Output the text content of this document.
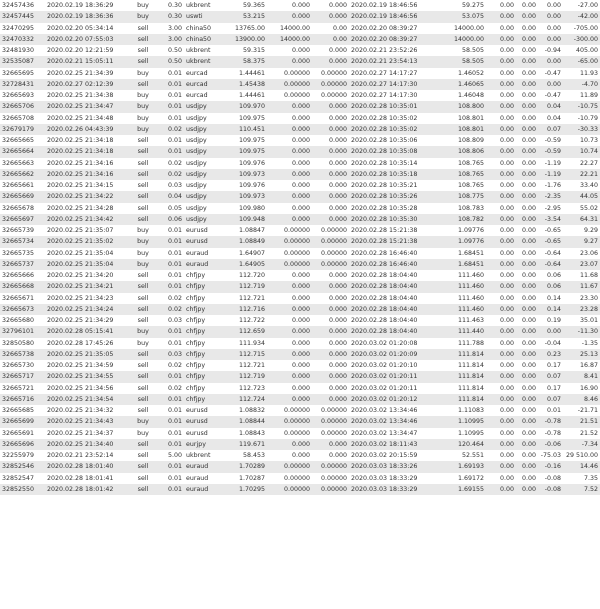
32457436	2020.02.19 18:36:29	buy	0.30	ukbrent	59.365	0.000	0.000	2020.02.19 18:46:56	59.275	0.00	0.00	0.00	-27.00
32457445	2020.02.19 18:36:36	buy	0.30	uswti	53.215	0.000	0.000	2020.02.19 18:46:56	53.075	0.00	0.00	0.00	-42.00
32470295	2020.02.20 05:34:14	sell	3.00	china50	13765.00	14000.00	0.00	2020.02.20 08:39:27	14000.00	0.00	0.00	0.00	-705.00
32470332	2020.02.20 07:55:03	sell	3.00	china50	13900.00	14000.00	0.00	2020.02.20 08:39:27	14000.00	0.00	0.00	0.00	-300.00
32481930	2020.02.20 12:21:59	sell	0.50	ukbrent	59.315	0.000	0.000	2020.02.21 23:52:26	58.505	0.00	0.00	-0.94	405.00
32535087	2020.02.21 15:05:11	sell	0.50	ukbrent	58.375	0.000	0.000	2020.02.21 23:54:13	58.505	0.00	0.00	0.00	-65.00
32665695	2020.02.25 21:34:39	buy	0.01	eurcad	1.44461	0.00000	0.00000	2020.02.27 14:17:27	1.46052	0.00	0.00	-0.47	11.93
32728431	2020.02.27 02:12:39	sell	0.01	eurcad	1.45438	0.00000	0.00000	2020.02.27 14:17:30	1.46065	0.00	0.00	0.00	-4.70
32665693	2020.02.25 21:34:38	buy	0.01	eurcad	1.44461	0.00000	0.00000	2020.02.27 14:17:30	1.46048	0.00	0.00	-0.47	11.89
32665706	2020.02.25 21:34:47	buy	0.01	usdjpy	109.970	0.000	0.000	2020.02.28 10:35:01	108.800	0.00	0.00	0.04	-10.75
32665708	2020.02.25 21:34:48	buy	0.01	usdjpy	109.975	0.000	0.000	2020.02.28 10:35:02	108.801	0.00	0.00	0.04	-10.79
32679179	2020.02.26 04:43:39	buy	0.02	usdjpy	110.451	0.000	0.000	2020.02.28 10:35:02	108.801	0.00	0.00	0.07	-30.33
32665665	2020.02.25 21:34:18	sell	0.01	usdjpy	109.975	0.000	0.000	2020.02.28 10:35:06	108.809	0.00	0.00	-0.59	10.73
32665664	2020.02.25 21:34:18	sell	0.01	usdjpy	109.975	0.000	0.000	2020.02.28 10:35:08	108.806	0.00	0.00	-0.59	10.74
32665663	2020.02.25 21:34:16	sell	0.02	usdjpy	109.976	0.000	0.000	2020.02.28 10:35:14	108.765	0.00	0.00	-1.19	22.27
32665662	2020.02.25 21:34:16	sell	0.02	usdjpy	109.973	0.000	0.000	2020.02.28 10:35:18	108.765	0.00	0.00	-1.19	22.21
32665661	2020.02.25 21:34:15	sell	0.03	usdjpy	109.976	0.000	0.000	2020.02.28 10:35:21	108.765	0.00	0.00	-1.76	33.40
32665669	2020.02.25 21:34:22	sell	0.04	usdjpy	109.973	0.000	0.000	2020.02.28 10:35:26	108.775	0.00	0.00	-2.35	44.05
32665678	2020.02.25 21:34:28	sell	0.05	usdjpy	109.980	0.000	0.000	2020.02.28 10:35:28	108.783	0.00	0.00	-2.95	55.02
32665697	2020.02.25 21:34:42	sell	0.06	usdjpy	109.948	0.000	0.000	2020.02.28 10:35:30	108.782	0.00	0.00	-3.54	64.31
32665739	2020.02.25 21:35:07	buy	0.01	eurusd	1.08847	0.00000	0.00000	2020.02.28 15:21:38	1.09776	0.00	0.00	-0.65	9.29
32665734	2020.02.25 21:35:02	buy	0.01	eurusd	1.08849	0.00000	0.00000	2020.02.28 15:21:38	1.09776	0.00	0.00	-0.65	9.27
32665735	2020.02.25 21:35:04	buy	0.01	euraud	1.64907	0.00000	0.00000	2020.02.28 16:46:40	1.68451	0.00	0.00	-0.64	23.06
32665737	2020.02.25 21:35:04	buy	0.01	euraud	1.64905	0.00000	0.00000	2020.02.28 16:46:40	1.68451	0.00	0.00	-0.64	23.07
32665666	2020.02.25 21:34:20	sell	0.01	chfjpy	112.720	0.000	0.000	2020.02.28 18:04:40	111.460	0.00	0.00	0.06	11.68
32665668	2020.02.25 21:34:21	sell	0.01	chfjpy	112.719	0.000	0.000	2020.02.28 18:04:40	111.460	0.00	0.00	0.06	11.67
32665671	2020.02.25 21:34:23	sell	0.02	chfjpy	112.721	0.000	0.000	2020.02.28 18:04:40	111.460	0.00	0.00	0.14	23.30
32665673	2020.02.25 21:34:24	sell	0.02	chfjpy	112.716	0.000	0.000	2020.02.28 18:04:40	111.460	0.00	0.00	0.14	23.28
32665680	2020.02.25 21:34:29	sell	0.03	chfjpy	112.722	0.000	0.000	2020.02.28 18:04:40	111.463	0.00	0.00	0.19	35.01
32796101	2020.02.28 05:15:41	buy	0.01	chfjpy	112.659	0.000	0.000	2020.02.28 18:04:40	111.440	0.00	0.00	0.00	-11.30
32850580	2020.02.28 17:45:26	buy	0.01	chfjpy	111.934	0.000	0.000	2020.03.02 01:20:08	111.788	0.00	0.00	-0.04	-1.35
32665738	2020.02.25 21:35:05	sell	0.03	chfjpy	112.715	0.000	0.000	2020.03.02 01:20:09	111.814	0.00	0.00	0.23	25.13
32665730	2020.02.25 21:34:59	sell	0.02	chfjpy	112.721	0.000	0.000	2020.03.02 01:20:10	111.814	0.00	0.00	0.17	16.87
32665717	2020.02.25 21:34:55	sell	0.01	chfjpy	112.719	0.000	0.000	2020.03.02 01:20:11	111.814	0.00	0.00	0.07	8.41
32665721	2020.02.25 21:34:56	sell	0.02	chfjpy	112.723	0.000	0.000	2020.03.02 01:20:11	111.814	0.00	0.00	0.17	16.90
32665716	2020.02.25 21:34:54	sell	0.01	chfjpy	112.724	0.000	0.000	2020.03.02 01:20:12	111.814	0.00	0.00	0.07	8.46
32665685	2020.02.25 21:34:32	sell	0.01	eurusd	1.08832	0.00000	0.00000	2020.03.02 13:34:46	1.11083	0.00	0.00	0.01	-21.71
32665699	2020.02.25 21:34:43	buy	0.01	eurusd	1.08844	0.00000	0.00000	2020.03.02 13:34:46	1.10995	0.00	0.00	-0.78	21.51
32665691	2020.02.25 21:34:37	buy	0.01	eurusd	1.08843	0.00000	0.00000	2020.03.02 13:34:47	1.10995	0.00	0.00	-0.78	21.52
32665696	2020.02.25 21:34:40	sell	0.01	eurjpy	119.671	0.000	0.000	2020.03.02 18:11:43	120.464	0.00	0.00	-0.06	-7.34
32255979	2020.02.21 23:52:14	sell	5.00	ukbrent	58.453	0.000	0.000	2020.03.02 20:15:59	52.551	0.00	0.00	-75.03	29 510.00
32852546	2020.02.28 18:01:40	sell	0.01	euraud	1.70289	0.00000	0.00000	2020.03.03 18:33:26	1.69193	0.00	0.00	-0.16	14.46
32852547	2020.02.28 18:01:41	sell	0.01	euraud	1.70287	0.00000	0.00000	2020.03.03 18:33:29	1.69172	0.00	0.00	-0.08	7.35
32852550	2020.02.28 18:01:42	sell	0.01	euraud	1.70295	0.00000	0.00000	2020.03.03 18:33:29	1.69155	0.00	0.00	-0.08	7.52
